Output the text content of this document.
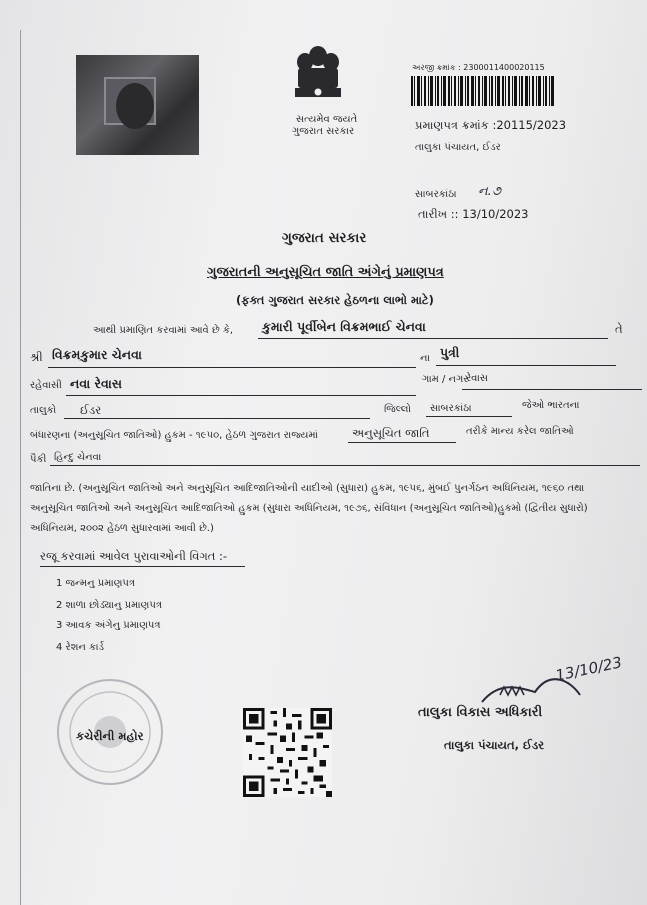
સત્યમેવ જયતે
ગુજરાત સરકાર
અરજી ક્રમાંક : 2300011400020115
પ્રમાણપત્ર ક્રમાંક :20115/2023
તાલુકા પંચાયત, ઈડર
સાબરકાંઠા ન.૭
તારીખ :: 13/10/2023
ગુજરાત સરકાર
ગુજરાતની અનુસૂચિત જાતિ અંગેનું પ્રમાણપત્ર
(ફક્ત ગુજરાત સરકાર હેઠળના લાભો માટે)
આથી પ્રમાણિત કરવામાં આવે છે કે, કુમારી પૂર્વીબેન વિક્રમભાઈ ચેનવા	તે
શ્રી વિક્રમકુમાર ચેનવા	ના પુત્રી
રહેવાસી નવા રેવાસ	ગામ / નગર
રેવાસ
તાલુકો ઈડર	જિલ્લો સાબરકાંઠા	જેઓ ભારતના
બંધારણના (અનુસૂચિત જાતિઓ) હુકમ - ૧૯૫૦, હેઠળ ગુજરાત રાજ્યમાં	અનુસૂચિત જાતિ	તરીકે માન્ય કરેલ જાતિઓ
પૈકી હિન્દુ ચેનવા
જાતિના છે. (અનુસૂચિત જાતિઓ અને અનુસૂચિત આદિજાતિઓની યાદીઓ (સુધારા) હુકમ, ૧૯૫૬, મુંબઈ પુનર્ગઠન અધિનિયમ, ૧૯૬૦ તથા
અનુસૂચિત જાતિઓ અને અનુસૂચિત આદિજાતિઓ હુકમ (સુધારા અધિનિયમ, ૧૯૭૬, સંવિધાન (અનુસૂચિત જાતિઓ)હુકમો (દ્વિતીય સુધારો)
અધિનિયમ, ૨૦૦૨ હેઠળ સુધારવામાં આવી છે.)
રજૂ કરવામાં આવેલ પુરાવાઓની વિગત :-
1 જન્મનુ પ્રમાણપત્ર
2 શાળા છોડ્યાનુ પ્રમાણપત્ર
3 આવક અંગેનુ પ્રમાણપત્ર
4 રેશન કાર્ડ
કચેરીની મહોર
13/10/23
તાલુકા વિકાસ અધિકારી
તાલુકા પંચાયત, ઈડર
